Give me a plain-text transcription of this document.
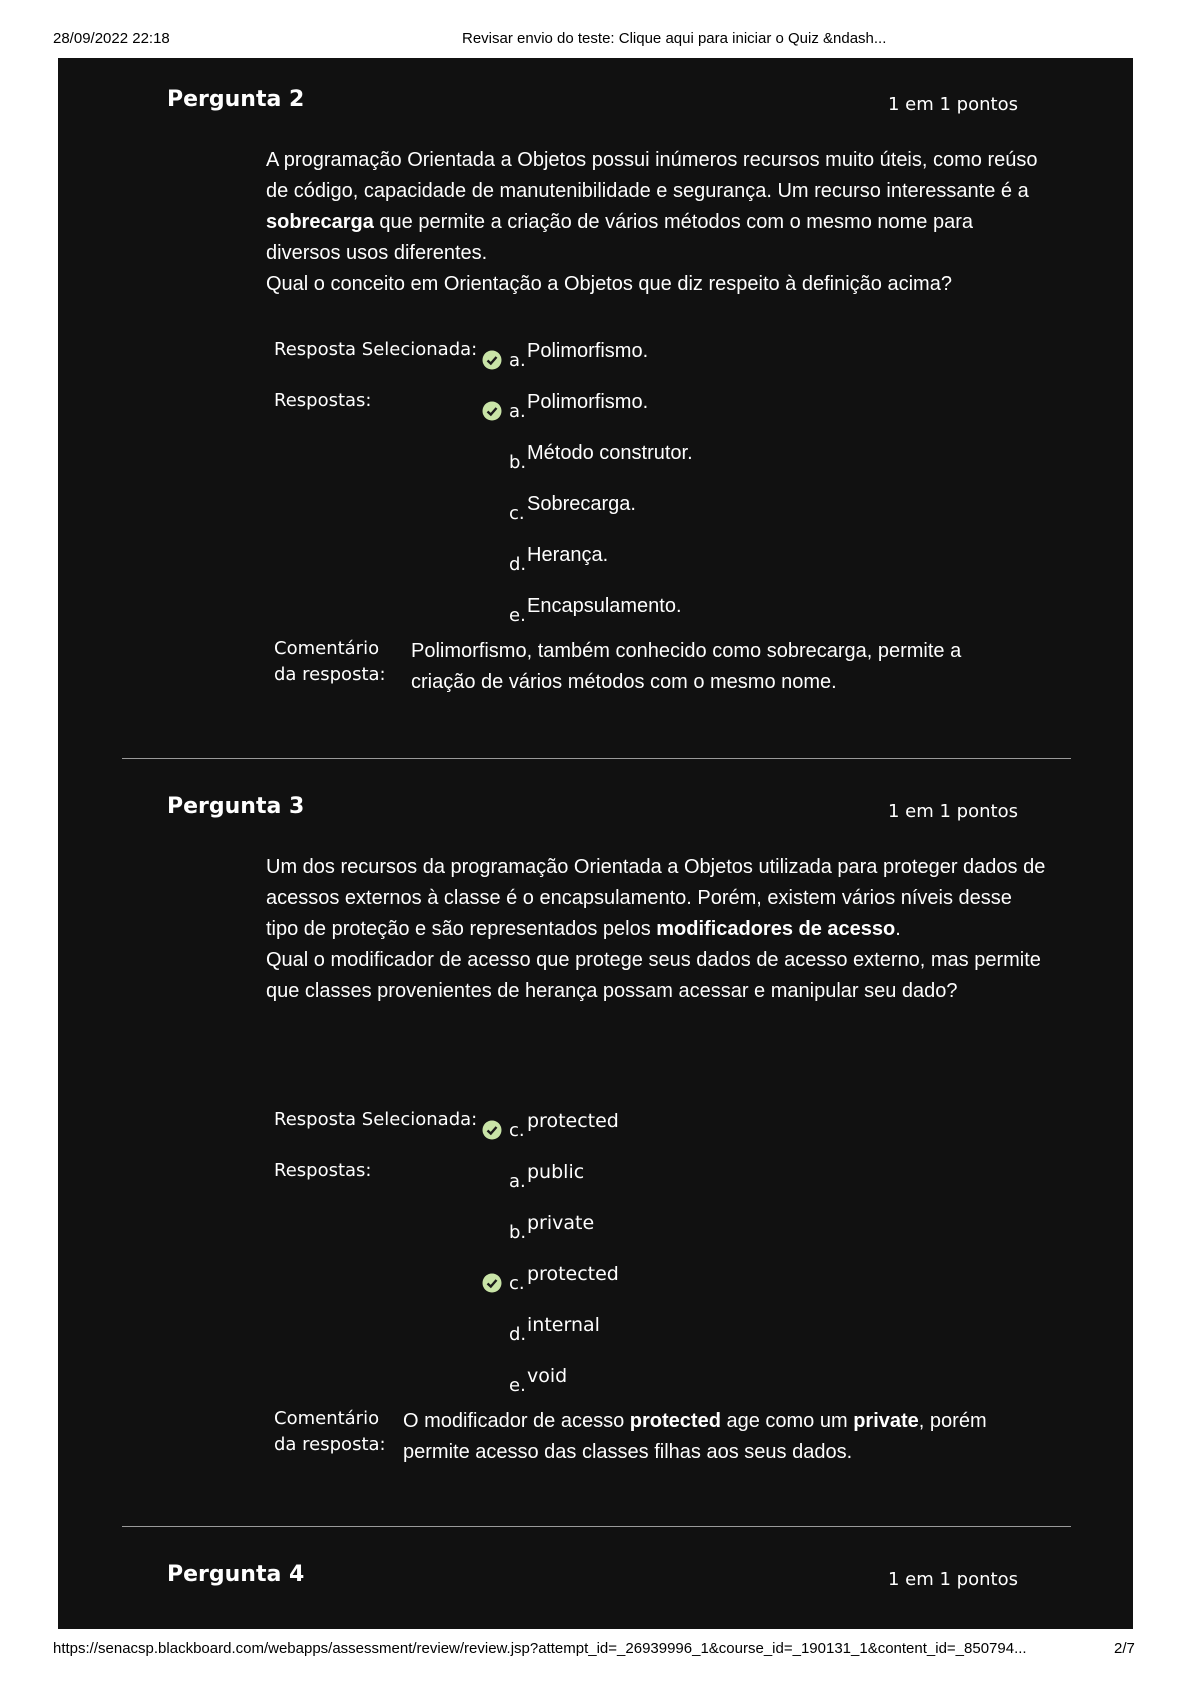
28/09/2022 22:18	Revisar envio do teste: Clique aqui para iniciar o Quiz &ndash...
Pergunta 2	1 em 1 pontos

A programação Orientada a Objetos possui inúmeros recursos muito úteis, como reúso de código, capacidade de manutenibilidade e segurança. Um recurso interessante é a sobrecarga que permite a criação de vários métodos com o mesmo nome para diversos usos diferentes.

Qual o conceito em Orientação a Objetos que diz respeito à definição acima?

Resposta Selecionada:
a. Polimorfismo.
Respostas:
a. Polimorfismo.
b. Método construtor.
c. Sobrecarga.
d. Herança.
e. Encapsulamento.
Comentário
da resposta:
Polimorfismo, também conhecido como sobrecarga, permite a
criação de vários métodos com o mesmo nome.
Pergunta 3	1 em 1 pontos

Um dos recursos da programação Orientada a Objetos utilizada para proteger dados de acessos externos à classe é o encapsulamento. Porém, existem vários níveis desse tipo de proteção e são representados pelos modificadores de acesso.

Qual o modificador de acesso que protege seus dados de acesso externo, mas permite que classes provenientes de herança possam acessar e manipular seu dado?

Resposta Selecionada:
c. protected
Respostas:
a. public
b. private
c. protected
d. internal
e. void
Comentário
da resposta:
O modificador de acesso protected age como um private, porém
permite acesso das classes filhas aos seus dados.
Pergunta 4	1 em 1 pontos
https://senacsp.blackboard.com/webapps/assessment/review/review.jsp?attempt_id=_26939996_1&course_id=_190131_1&content_id=_850794...	2/7
